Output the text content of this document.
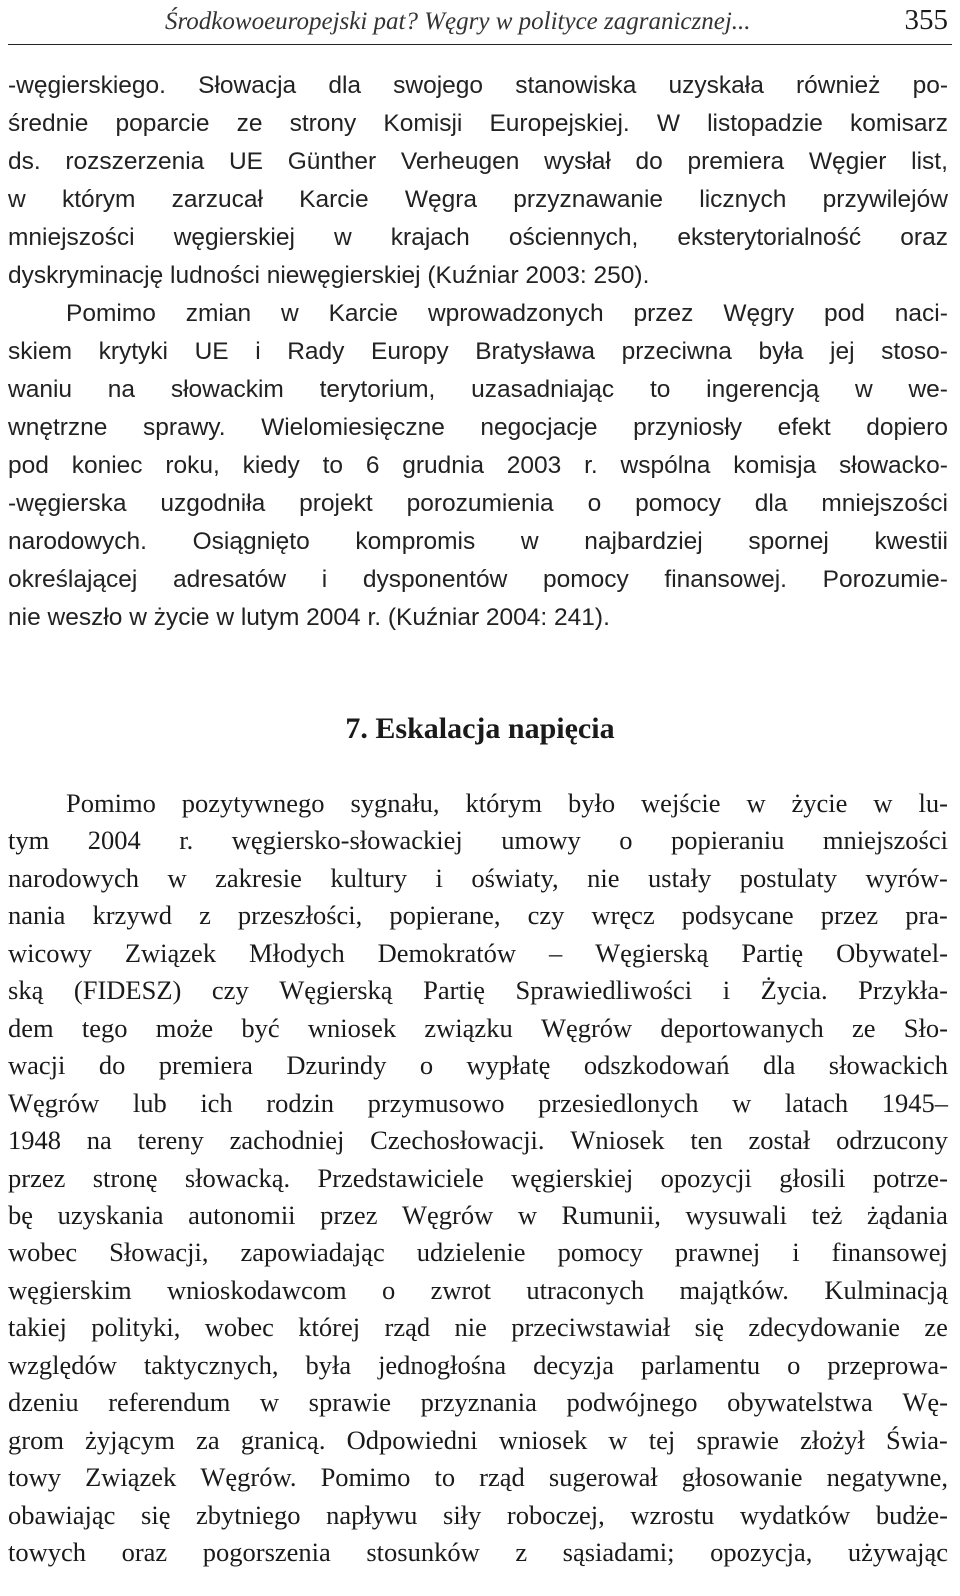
Środkowoeuropejski pat? Węgry w polityce zagranicznej...	355
-węgierskiego. Słowacja dla swojego stanowiska uzyskała również po-
średnie poparcie ze strony Komisji Europejskiej. W listopadzie komisarz
ds. rozszerzenia UE Günther Verheugen wysłał do premiera Węgier list,
w którym zarzucał Karcie Węgra przyznawanie licznych przywilejów
mniejszości węgierskiej w krajach ościennych, eksterytorialność oraz
dyskryminację ludności niewęgierskiej (Kuźniar 2003: 250).
Pomimo zmian w Karcie wprowadzonych przez Węgry pod naci-
skiem krytyki UE i Rady Europy Bratysława przeciwna była jej stoso-
waniu na słowackim terytorium, uzasadniając to ingerencją w we-
wnętrzne sprawy. Wielomiesięczne negocjacje przyniosły efekt dopiero
pod koniec roku, kiedy to 6 grudnia 2003 r. wspólna komisja słowacko-
-węgierska uzgodniła projekt porozumienia o pomocy dla mniejszości
narodowych. Osiągnięto kompromis w najbardziej spornej kwestii
określającej adresatów i dysponentów pomocy finansowej. Porozumie-
nie weszło w życie w lutym 2004 r. (Kuźniar 2004: 241).
7. Eskalacja napięcia
Pomimo pozytywnego sygnału, którym było wejście w życie w lu-
tym 2004 r. węgiersko-słowackiej umowy o popieraniu mniejszości
narodowych w zakresie kultury i oświaty, nie ustały postulaty wyrów-
nania krzywd z przeszłości, popierane, czy wręcz podsycane przez pra-
wicowy Związek Młodych Demokratów – Węgierską Partię Obywatel-
ską (FIDESZ) czy Węgierską Partię Sprawiedliwości i Życia. Przykła-
dem tego może być wniosek związku Węgrów deportowanych ze Sło-
wacji do premiera Dzurindy o wypłatę odszkodowań dla słowackich
Węgrów lub ich rodzin przymusowo przesiedlonych w latach 1945–
1948 na tereny zachodniej Czechosłowacji. Wniosek ten został odrzucony
przez stronę słowacką. Przedstawiciele węgierskiej opozycji głosili potrze-
bę uzyskania autonomii przez Węgrów w Rumunii, wysuwali też żądania
wobec Słowacji, zapowiadając udzielenie pomocy prawnej i finansowej
węgierskim wnioskodawcom o zwrot utraconych majątków. Kulminacją
takiej polityki, wobec której rząd nie przeciwstawiał się zdecydowanie ze
względów taktycznych, była jednogłośna decyzja parlamentu o przeprowa-
dzeniu referendum w sprawie przyznania podwójnego obywatelstwa Wę-
grom żyjącym za granicą. Odpowiedni wniosek w tej sprawie złożył Świa-
towy Związek Węgrów. Pomimo to rząd sugerował głosowanie negatywne,
obawiając się zbytniego napływu siły roboczej, wzrostu wydatków budże-
towych oraz pogorszenia stosunków z sąsiadami; opozycja, używając
